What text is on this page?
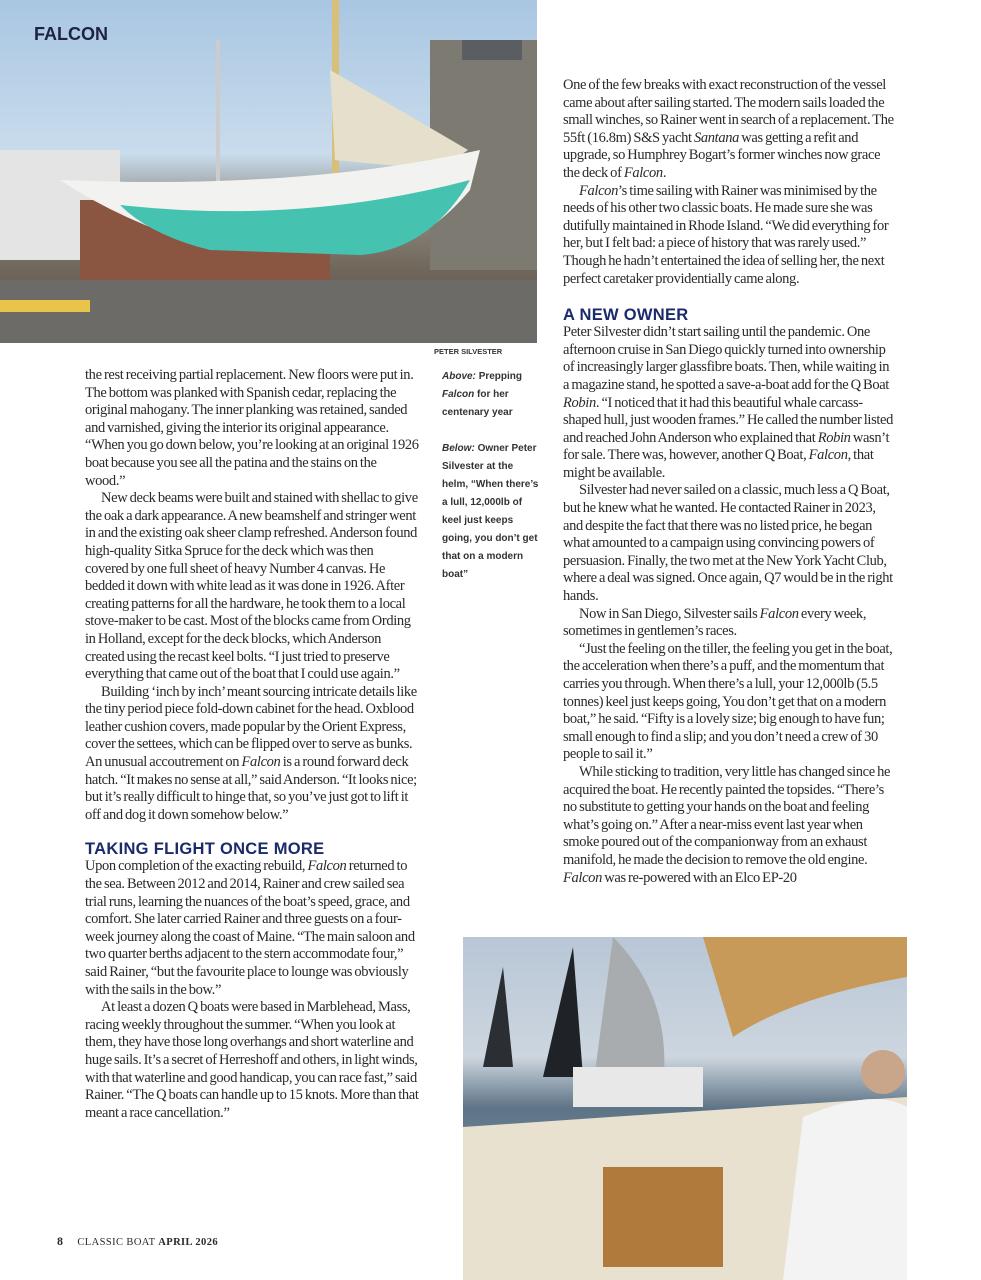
FALCON
PETER SILVESTER
Above: Prepping Falcon for her centenary year
Below: Owner Peter Silvester at the helm, “When there’s a lull, 12,000lb of keel just keeps going, you don’t get that on a modern boat”

the rest receiving partial replacement. New floors were put in. The bottom was planked with Spanish cedar, replacing the original mahogany. The inner planking was retained, sanded and varnished, giving the interior its original appearance. “When you go down below, you’re looking at an original 1926 boat because you see all the patina and the stains on the wood.”

New deck beams were built and stained with shellac to give the oak a dark appearance. A new beamshelf and stringer went in and the existing oak sheer clamp refreshed. Anderson found high-quality Sitka Spruce for the deck which was then covered by one full sheet of heavy Number 4 canvas. He bedded it down with white lead as it was done in 1926. After creating patterns for all the hardware, he took them to a local stove-maker to be cast. Most of the blocks came from Ording in Holland, except for the deck blocks, which Anderson created using the recast keel bolts. “I just tried to preserve everything that came out of the boat that I could use again.”

Building ‘inch by inch’ meant sourcing intricate details like the tiny period piece fold-down cabinet for the head. Oxblood leather cushion covers, made popular by the Orient Express, cover the settees, which can be flipped over to serve as bunks. An unusual accoutrement on Falcon is a round forward deck hatch. “It makes no sense at all,” said Anderson. “It looks nice; but it’s really difficult to hinge that, so you’ve just got to lift it off and dog it down somehow below.”

TAKING FLIGHT ONCE MORE

Upon completion of the exacting rebuild, Falcon returned to the sea. Between 2012 and 2014, Rainer and crew sailed sea trial runs, learning the nuances of the boat’s speed, grace, and comfort. She later carried Rainer and three guests on a four-week journey along the coast of Maine. “The main saloon and two quarter berths adjacent to the stern accommodate four,” said Rainer, “but the favourite place to lounge was obviously with the sails in the bow.”

At least a dozen Q boats were based in Marblehead, Mass, racing weekly throughout the summer. “When you look at them, they have those long overhangs and short waterline and huge sails. It’s a secret of Herreshoff and others, in light winds, with that waterline and good handicap, you can race fast,” said Rainer. “The Q boats can handle up to 15 knots. More than that meant a race cancellation.”

One of the few breaks with exact reconstruction of the vessel came about after sailing started. The modern sails loaded the small winches, so Rainer went in search of a replacement. The 55ft (16.8m) S&S yacht Santana was getting a refit and upgrade, so Humphrey Bogart’s former winches now grace the deck of Falcon.

Falcon’s time sailing with Rainer was minimised by the needs of his other two classic boats. He made sure she was dutifully maintained in Rhode Island. “We did everything for her, but I felt bad: a piece of history that was rarely used.” Though he hadn’t entertained the idea of selling her, the next perfect caretaker providentially came along.

A NEW OWNER

Peter Silvester didn’t start sailing until the pandemic. One afternoon cruise in San Diego quickly turned into ownership of increasingly larger glassfibre boats. Then, while waiting in a magazine stand, he spotted a save-a-boat add for the Q Boat Robin. “I noticed that it had this beautiful whale carcass-shaped hull, just wooden frames.” He called the number listed and reached John Anderson who explained that Robin wasn’t for sale. There was, however, another Q Boat, Falcon, that might be available.

Silvester had never sailed on a classic, much less a Q Boat, but he knew what he wanted. He contacted Rainer in 2023, and despite the fact that there was no listed price, he began what amounted to a campaign using convincing powers of persuasion. Finally, the two met at the New York Yacht Club, where a deal was signed. Once again, Q7 would be in the right hands.

Now in San Diego, Silvester sails Falcon every week, sometimes in gentlemen’s races.

“Just the feeling on the tiller, the feeling you get in the boat, the acceleration when there’s a puff, and the momentum that carries you through. When there’s a lull, your 12,000lb (5.5 tonnes) keel just keeps going, You don’t get that on a modern boat,” he said. “Fifty is a lovely size; big enough to have fun; small enough to find a slip; and you don’t need a crew of 30 people to sail it.”

While sticking to tradition, very little has changed since he acquired the boat. He recently painted the topsides. “There’s no substitute to getting your hands on the boat and feeling what’s going on.” After a near-miss event last year when smoke poured out of the companionway from an exhaust manifold, he made the decision to remove the old engine. Falcon was re-powered with an Elco EP-20

8 CLASSIC BOAT APRIL 2026
